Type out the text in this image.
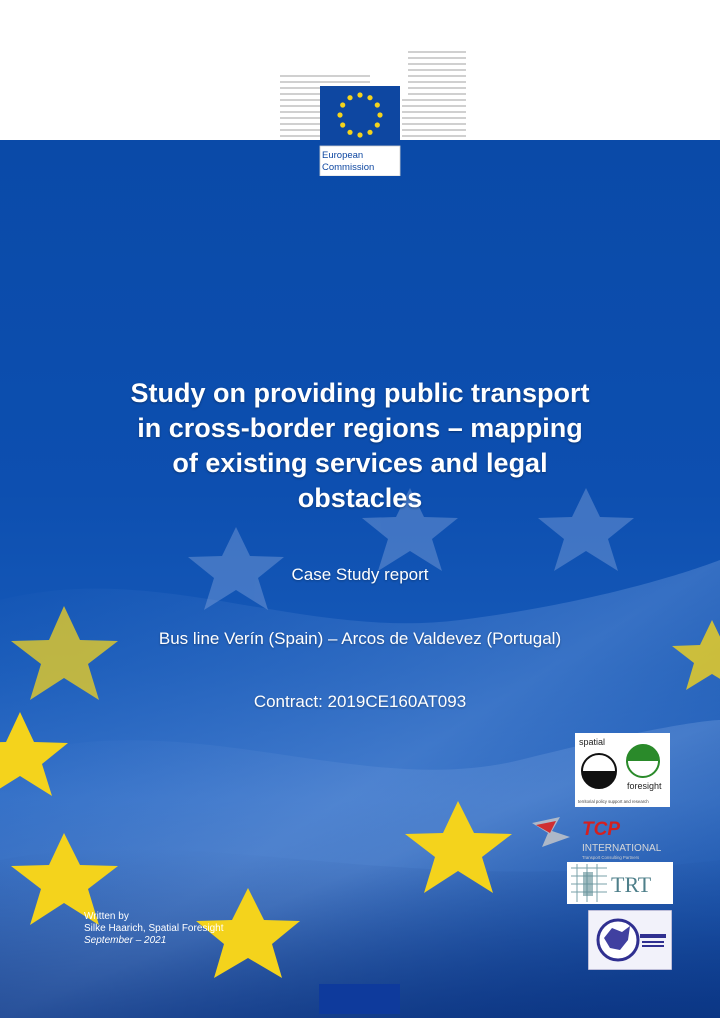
European
Commission
Study on providing public transport
in cross-border regions – mapping
of existing services and legal
obstacles
Case Study report
Bus line Verín (Spain) – Arcos de Valdevez (Portugal)
Contract: 2019CE160AT093
spatial
foresight
territorial policy support and research
TCP
INTERNATIONAL
Transport Consulting Partners
TRT
Written by
Silke Haarich, Spatial Foresight
September – 2021
